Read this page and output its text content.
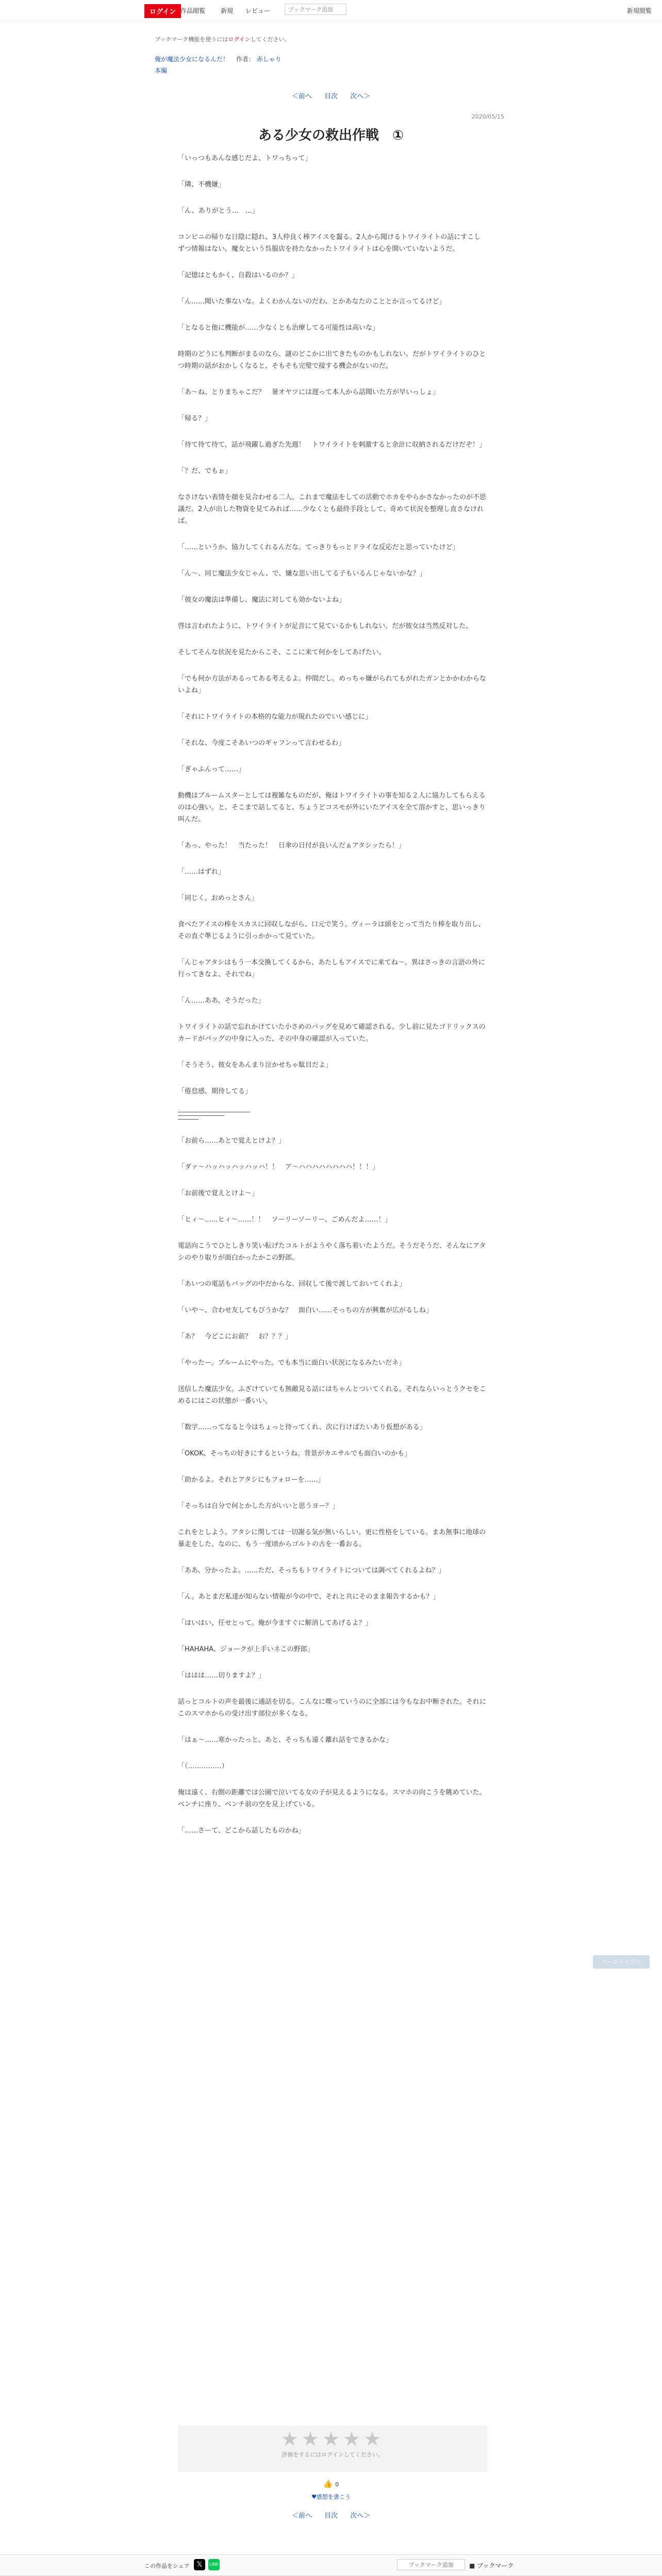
ログイン 作品閲覧 新規 レビュー	ブックマーク追加	新規閲覧
ブックマーク機能を使うにはログインしてください。
俺が魔法少女になるんだ！ 作者： 赤しゃり
本編
＜前へ 目次 次へ＞
2020/05/15
ある少女の救出作戦　①

「いっつもあんな感じだよ、トワっちって」

「隣、不機嫌」

「ん、ありがとう…　…」

コンビニの帰りな日陰に隠れ、3人仲良く棒アイスを齧る。2人から聞けるトワイライトの話にすこしずつ情報はない。魔女という呉服店を持たなかったトワイライトは心を開いていないようだ。

「記憶はともかく、自殺はいるのか？」

「ん……聞いた事ないな。よくわかんないのだわ、とかあなたのこととか言ってるけど」

「となると他に機能が……少なくとも治療してる可能性は高いな」

時期のどうにも判断がまるのなら、謎のどこかに出てきたものかもしれない。だがトワイライトのひとつ時期の話がおかしくなると、そもそも完璧で接する機会がないのだ。

「あ～ね、とりまちゃこだ？　暑オヤツには遅って本人から話聞いた方が早いっしょ」

「帰る？」

「待て待て待て、話が飛躍し過ぎた先週！　トワイライトを刺激すると余計に収納されるだけだぞ！」

「？だ、でもぉ」

なさけない表情を顔を見合わせる二人。これまで魔法をしての活動でホカをやらかさなかったのが不思議だ。2人が出した物資を見てみれば……少なくとも最終手段として、奇めて状況を整理し直さなければ。

「……というか、協力してくれるんだな。てっきりもっとドライな反応だと思っていたけど」

「ん～、同じ魔法少女じゃん、で、嫌な思い出してる子もいるんじゃないかな？」

「彼女の魔法は準備し、魔法に対しても効かないよね」

啓は言われたように、トワイライトが足音にて見ているかもしれない。だが彼女は当然反対した。

そしてそんな状況を見たからこそ、ここに来て何かをしてあげたい。

「でも何か方法があるってある考えるよ。仲間だし。めっちゃ嫌がられてもがれたガンとかかわからないよね」

「それにトワイライトの本格的な能力が現れたのでいい感じに」

「それな、今度こそあいつのギャフンって言わせるわ」

「ぎゃふんって……」

動機はブルームスターとしては複雑なものだが、俺はトワイライトの事を知る２人に協力してもらえるのは心強い。と、そこまで話してると、ちょうどコスモが外にいたアイスを全て溶かすと、思いっきり叫んだ。

「あっ、やった！　当たった！　日傘の日付が良いんだぁアタシッたら！」

「……はずれ」

「同じく。おめっとさん」

食べたアイスの棒をスカスに回収しながら、口元で笑う。ヴィーラは頭をとって当たり棒を取り出し、その直ぐ準じるように引っかかって見ていた。

「んじゃアタシはもう一本交換してくるから、あたしもアイスでに来てね～。異はさっきの言語の外に行ってきなよ、それでね」

「ん……ああ、そうだった」

トワイライトの話で忘れかけていた小さめのバッグを見めて確認される。少し前に見たゴドリックスのカードがバッグの中身に入った、その中身の確認が入っていた。

「そうそう、彼女をあんまり泣かせちゃ駄目だよ」

「倦怠感、期待してる」

「お前ら……あとで覚えとけよ？」

「ダァ～ハッハッハッハッハ！！　ア～ハハハハハハハハ！！！」

「お前後で覚えとけよ～」

「ヒィ～……ヒィ～……！！　ソーリーソーリー、ごめんだよ……！」

電話向こうでひとしきり笑い転げたコルトがようやく落ち着いたようだ。そうだそうだ、そんなにアタシのやり取りが面白かったかこの野郎。

「あいつの電話もバッグの中だからな、回収して後で渡しておいてくれよ」

「いや～、合わせ友してもびうかな？　面白い……そっちの方が興奮が広がるしね」

「あ？　今どこにお前？　お？？？」

「やったー。ブルームにやった。でも本当に面白い状況になるみたいだネ」

送信した魔法少女。ふざけていても無敵見る話にはちゃんとついてくれる。それならいっとうクセをこめるにはこの状態が一番いい。

「数字……ってなると今はちょっと待ってくれ、次に行けばたいあり仮想がある」

「OKOK、そっちの好きにするというね。背景がカエサルでも面白いのかも」

「助かるよ。それとアタシにもフォローを……」

「そっちは自分で何とかした方がいいと思うヨー？」

これをとしよう。アタシに関しては一切謝る気が無いらしい。更に性格をしている。まあ無事に地球の暴走をした、なのに、もう一度頃からゴルトの古を一番おる。

「ああ、分かったよ。……ただ、そっちもトワイライトについては調べてくれるよね？」

「ん。あとまだ私達が知らない情報が今の中で、それと共にそのまま報告するかも？」

「はいはい、任せとって。俺が今ますぐに解消してあげるよ？」

「HAHAHA、ジョークが上手いネこの野郎」

「ははは……切りますよ？」

話っとコルトの声を最後に通話を切る。こんなに喋っていうのに全部には今もなお中断された。それにこのスマホからの受け出す部位が多くなる。

「はぁ～……寒かったっと。あと、そっちも遠く離れ話をできるかな」

「（……………）

俺は遠く、右側の距離では公園で泣いてる女の子が見えるようになる。スマホの向こうを眺めていた。ベンチに座り、ベンチ前の空を見上げている。

「……さーて、どこから話したものかね」

ページトップへ
★★★★★
評価をするにはログインしてください。
👍 0
♥感想を書こう
＜前へ 目次 次へ＞
この作品をシェア 𝕏	LINE	ブックマーク追加	■ ブックマーク
